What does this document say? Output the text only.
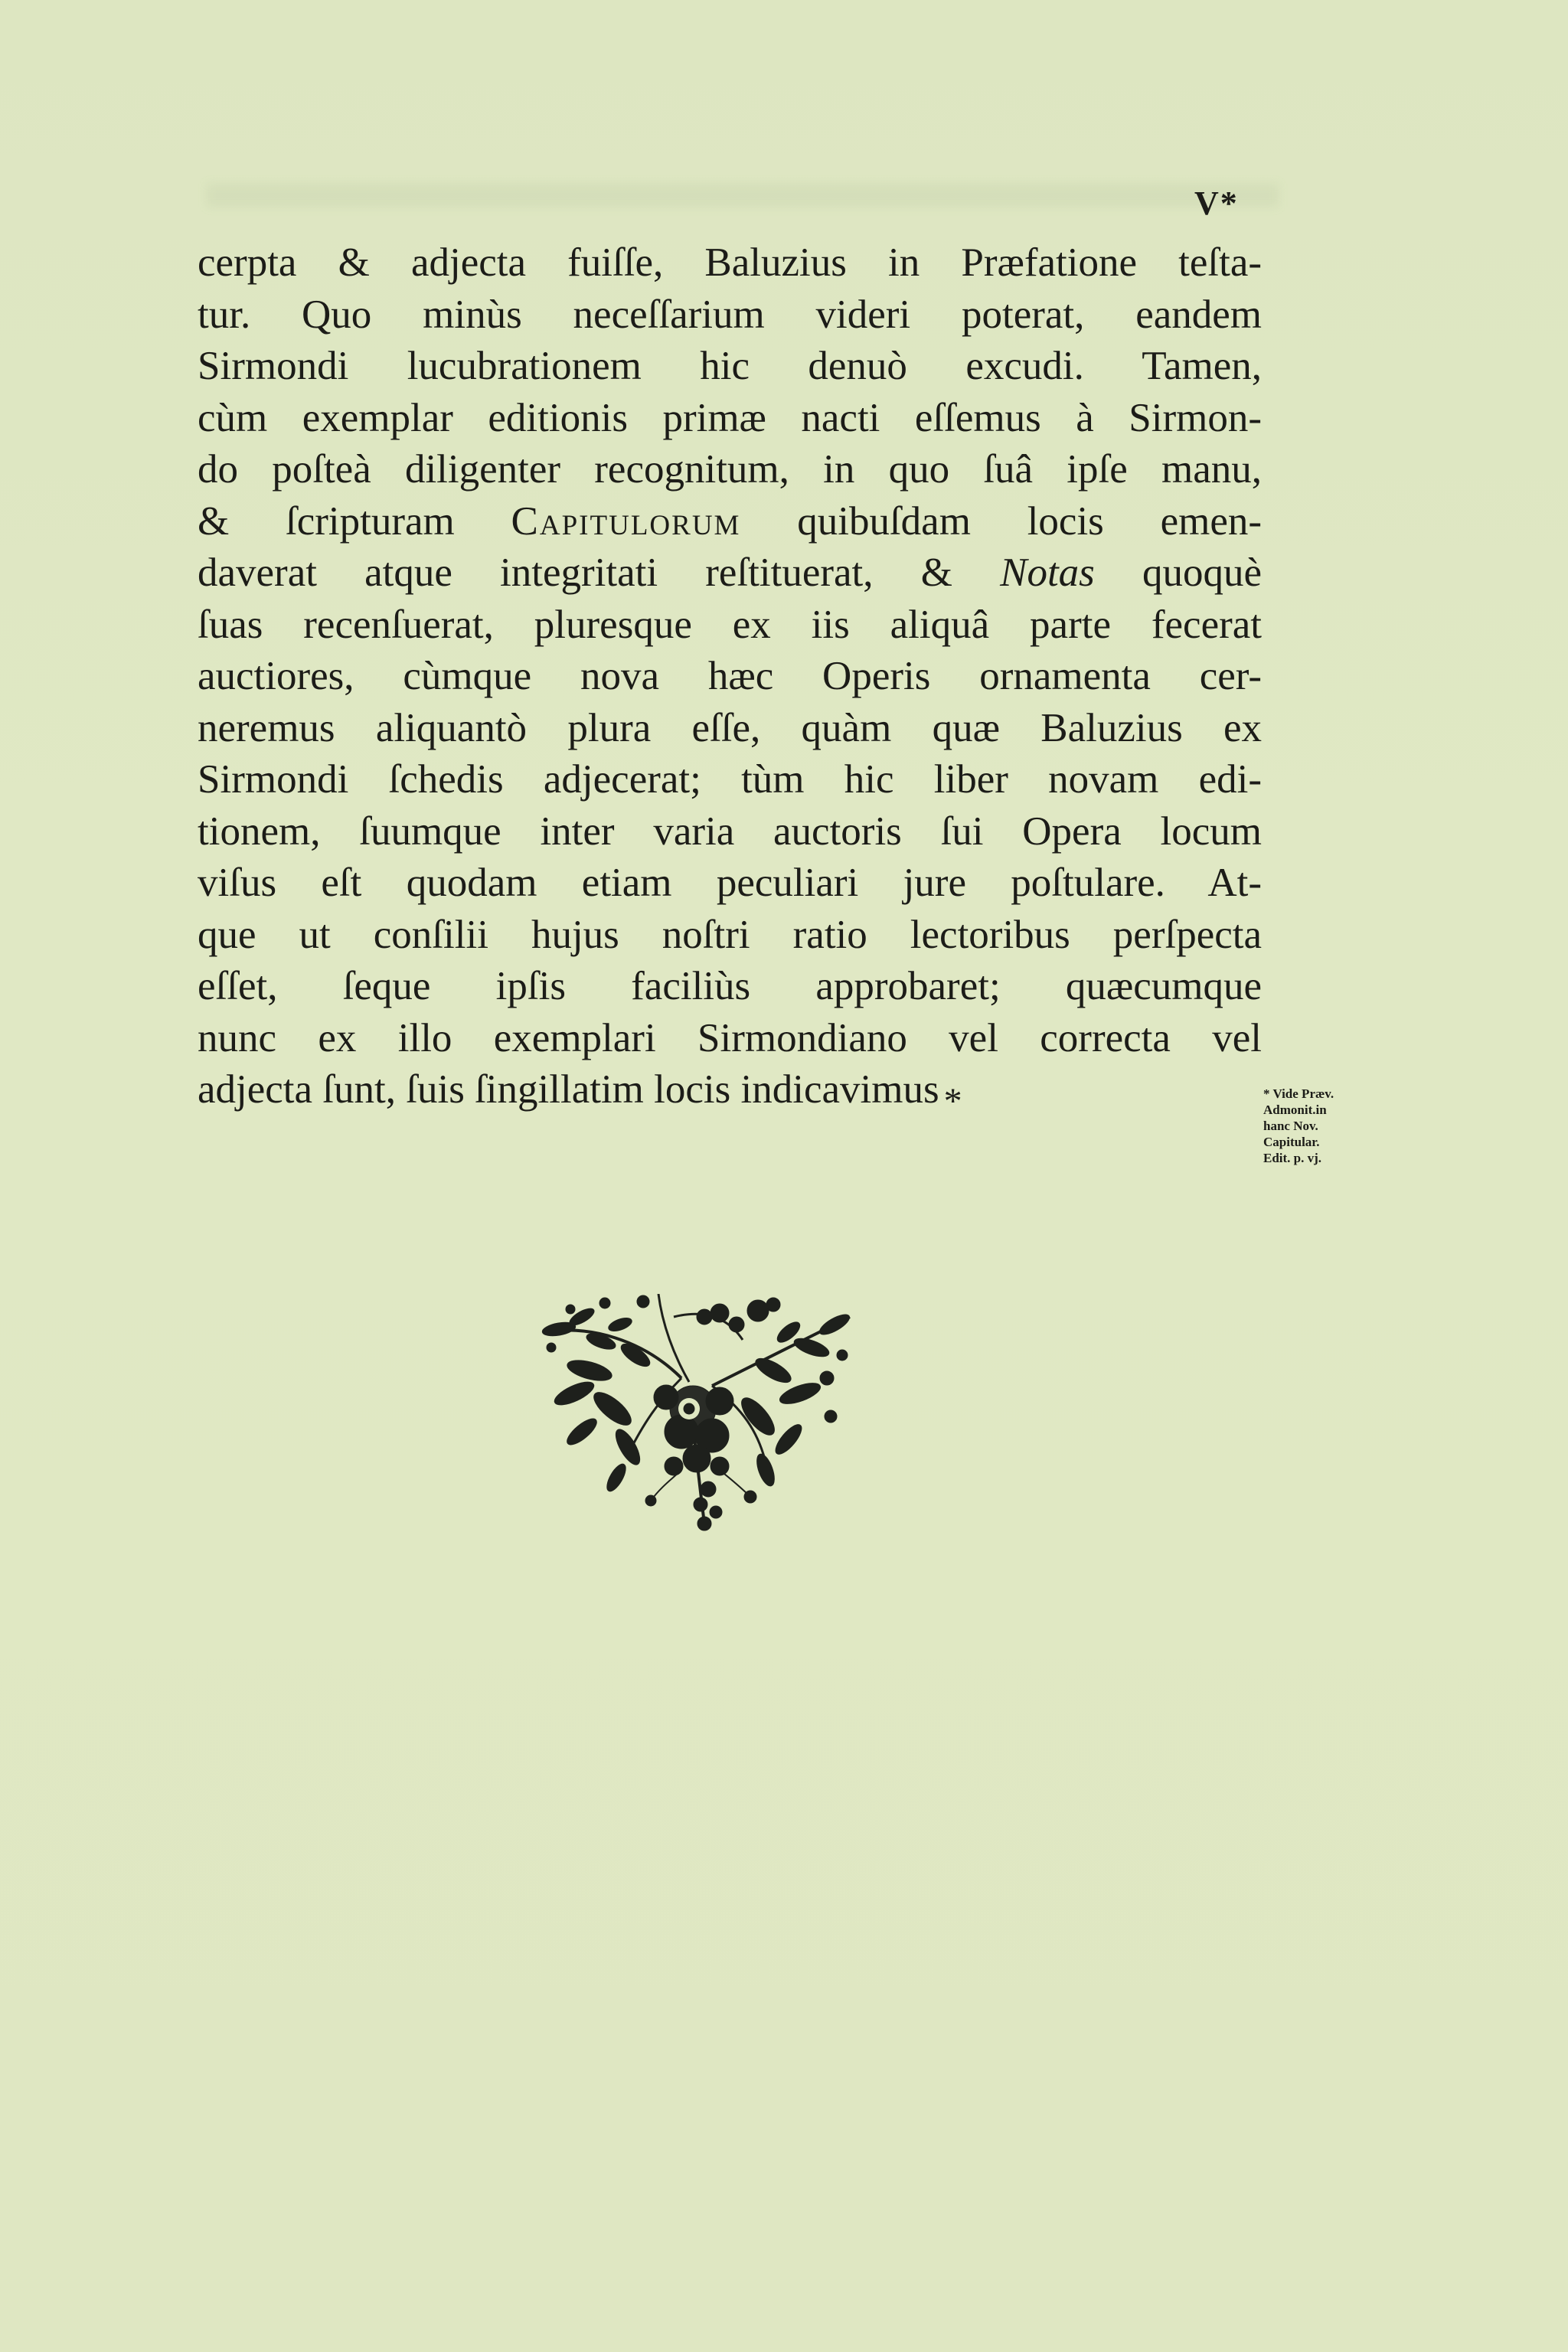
V*
cerpta & adjecta fuiſſe, Baluzius in Præfatione teſta-
tur. Quo minùs neceſſarium videri poterat, eandem
Sirmondi lucubrationem hic denuò excudi. Tamen,
cùm exemplar editionis primæ nacti eſſemus à Sirmon-
do poſteà diligenter recognitum, in quo ſuâ ipſe manu,
& ſcripturam Capitulorum quibuſdam locis emen-
daverat atque integritati reſtituerat, & Notas quoquè
ſuas recenſuerat, pluresque ex iis aliquâ parte fecerat
auctiores, cùmque nova hæc Operis ornamenta cer-
neremus aliquantò plura eſſe, quàm quæ Baluzius ex
Sirmondi ſchedis adjecerat; tùm hic liber novam edi-
tionem, ſuumque inter varia auctoris ſui Opera locum
viſus eſt quodam etiam peculiari jure poſtulare. At-
que ut conſilii hujus noſtri ratio lectoribus perſpecta
eſſet, ſeque ipſis faciliùs approbaret; quæcumque
nunc ex illo exemplari Sirmondiano vel correcta vel
adjecta ſunt, ſuis ſingillatim locis indicavimus *	* Vide Præv.
Admonit.in
hanc Nov.
Capitular.
Edit. p. vj.
